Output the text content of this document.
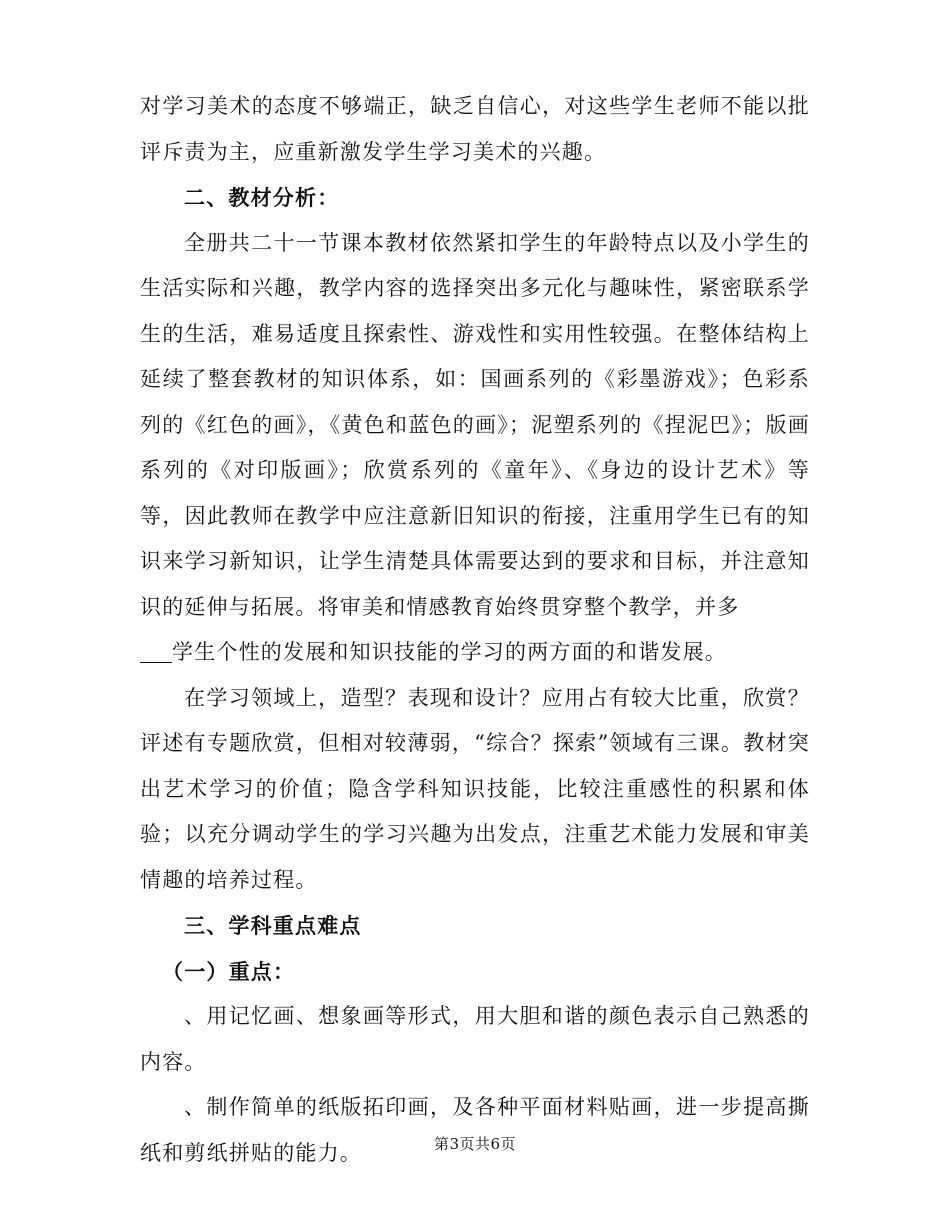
对学习美术的态度不够端正，缺乏自信心，对这些学生老师不能以批评斥责为主，应重新激发学生学习美术的兴趣。

二、教材分析：

全册共二十一节课本教材依然紧扣学生的年龄特点以及小学生的生活实际和兴趣，教学内容的选择突出多元化与趣味性，紧密联系学生的生活，难易适度且探索性、游戏性和实用性较强。在整体结构上延续了整套教材的知识体系，如：国画系列的《彩墨游戏》；色彩系列的《红色的画》，《黄色和蓝色的画》；泥塑系列的《捏泥巴》；版画系列的《对印版画》；欣赏系列的《童年》、《身边的设计艺术》等等，因此教师在教学中应注意新旧知识的衔接，注重用学生已有的知识来学习新知识，让学生清楚具体需要达到的要求和目标，并注意知识的延伸与拓展。将审美和情感教育始终贯穿整个教学，并多
学生个性的发展和知识技能的学习的两方面的和谐发展。

在学习领域上，造型？表现和设计？应用占有较大比重，欣赏？评述有专题欣赏，但相对较薄弱，“综合？探索”领域有三课。教材突出艺术学习的价值；隐含学科知识技能，比较注重感性的积累和体验；以充分调动学生的学习兴趣为出发点，注重艺术能力发展和审美情趣的培养过程。

三、学科重点难点

（一）重点：

、用记忆画、想象画等形式，用大胆和谐的颜色表示自己熟悉的内容。

、制作简单的纸版拓印画，及各种平面材料贴画，进一步提高撕纸和剪纸拼贴的能力。	第3页共6页
